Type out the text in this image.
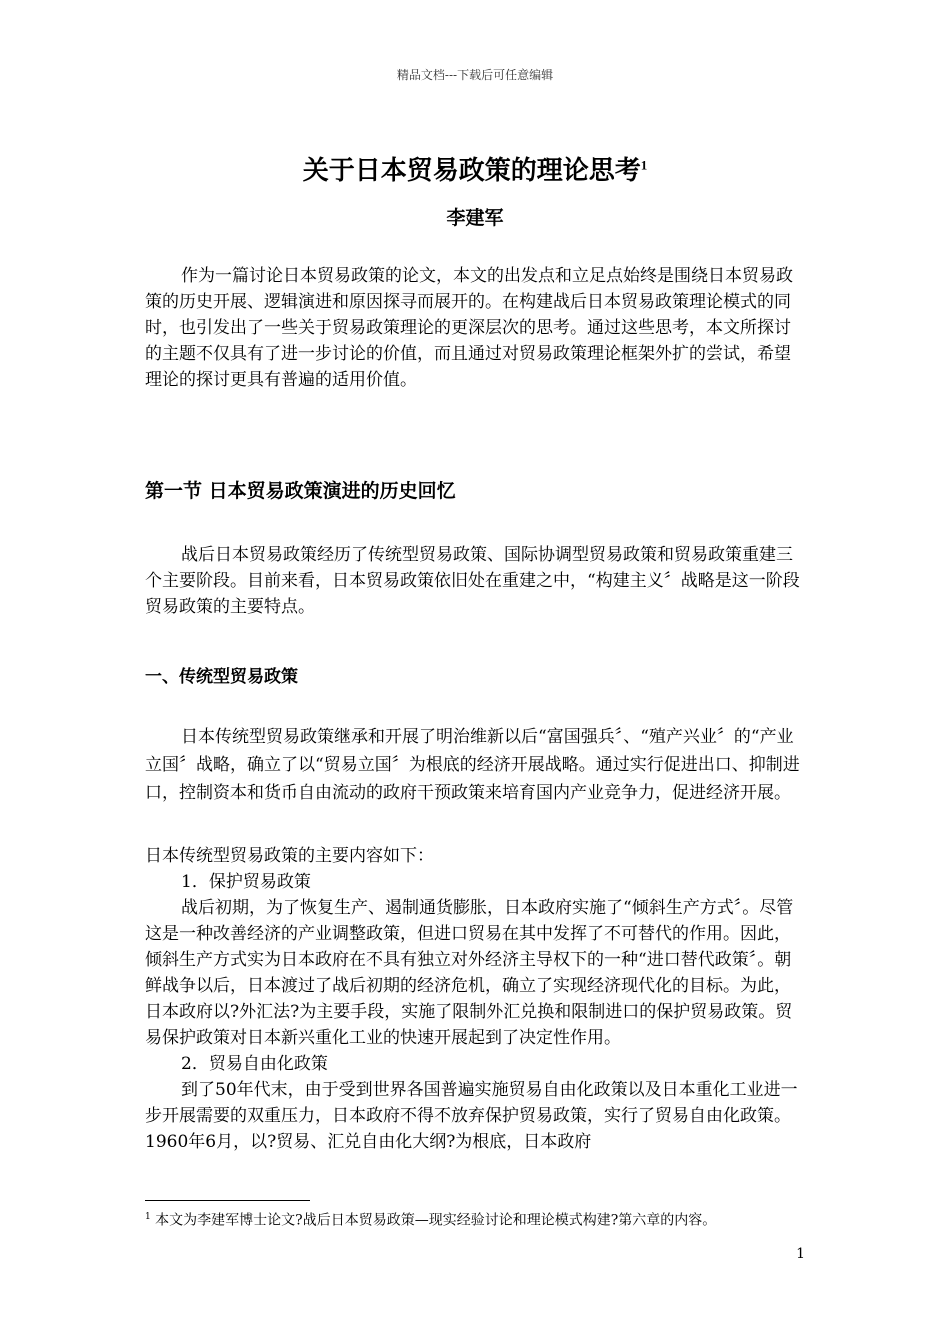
精品文档---下载后可任意编辑
关于日本贸易政策的理论思考$^1$
李建军
作为一篇讨论日本贸易政策的论文，本文的出发点和立足点始终是围绕日本贸易政策的历史开展、逻辑演进和原因探寻而展开的。在构建战后日本贸易政策理论模式的同时，也引发出了一些关于贸易政策理论的更深层次的思考。通过这些思考，本文所探讨的主题不仅具有了进一步讨论的价值，而且通过对贸易政策理论框架外扩的尝试，希望理论的探讨更具有普遍的适用价值。
第一节 日本贸易政策演进的历史回忆
战后日本贸易政策经历了传统型贸易政策、国际协调型贸易政策和贸易政策重建三个主要阶段。目前来看，日本贸易政策依旧处在重建之中，“构建主义〞战略是这一阶段贸易政策的主要特点。
一、传统型贸易政策
日本传统型贸易政策继承和开展了明治维新以后“富国强兵〞、“殖产兴业〞的“产业立国〞战略，确立了以“贸易立国〞为根底的经济开展战略。通过实行促进出口、抑制进口，控制资本和货币自由流动的政府干预政策来培育国内产业竞争力，促进经济开展。

日本传统型贸易政策的主要内容如下：

1．保护贸易政策

战后初期，为了恢复生产、遏制通货膨胀，日本政府实施了“倾斜生产方式〞。尽管这是一种改善经济的产业调整政策，但进口贸易在其中发挥了不可替代的作用。因此，倾斜生产方式实为日本政府在不具有独立对外经济主导权下的一种“进口替代政策〞。朝鲜战争以后，日本渡过了战后初期的经济危机，确立了实现经济现代化的目标。为此，日本政府以?外汇法?为主要手段，实施了限制外汇兑换和限制进口的保护贸易政策。贸易保护政策对日本新兴重化工业的快速开展起到了决定性作用。

2．贸易自由化政策

到了50年代末，由于受到世界各国普遍实施贸易自由化政策以及日本重化工业进一步开展需要的双重压力，日本政府不得不放弃保护贸易政策，实行了贸易自由化政策。1960年6月，以?贸易、汇兑自由化大纲?为根底，日本政府

$^1$ 本文为李建军博士论文?战后日本贸易政策—现实经验讨论和理论模式构建?第六章的内容。
1
